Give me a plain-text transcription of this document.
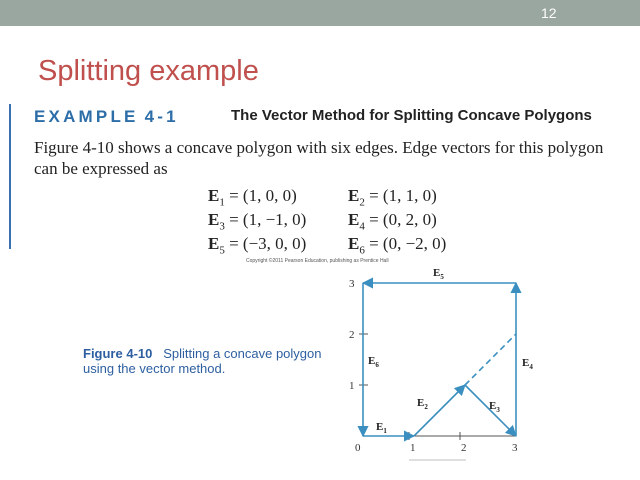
12
Splitting example
EXAMPLE 4-1	The Vector Method for Splitting Concave Polygons
Figure 4-10 shows a concave polygon with six edges. Edge vectors for this polygon can be expressed as
$E_1 = (1$, 0, 0)	$E_2 = (1$, 1, 0)
$E_3 = (1$, −1, 0) $E_4 = (0$, 2, 0)
$E_5 = (-3$, 0, 0) $E_6 = (0$, −2, 0)
Copyright ©2011 Pearson Education, publishing as Prentice Hall
Figure 4-10 Splitting a concave polygon using the vector method.
0	1	2	3
1
2
3
$E_1$
$E_2$	$E_3$
$E_4$
$E_5$
$E_6$
